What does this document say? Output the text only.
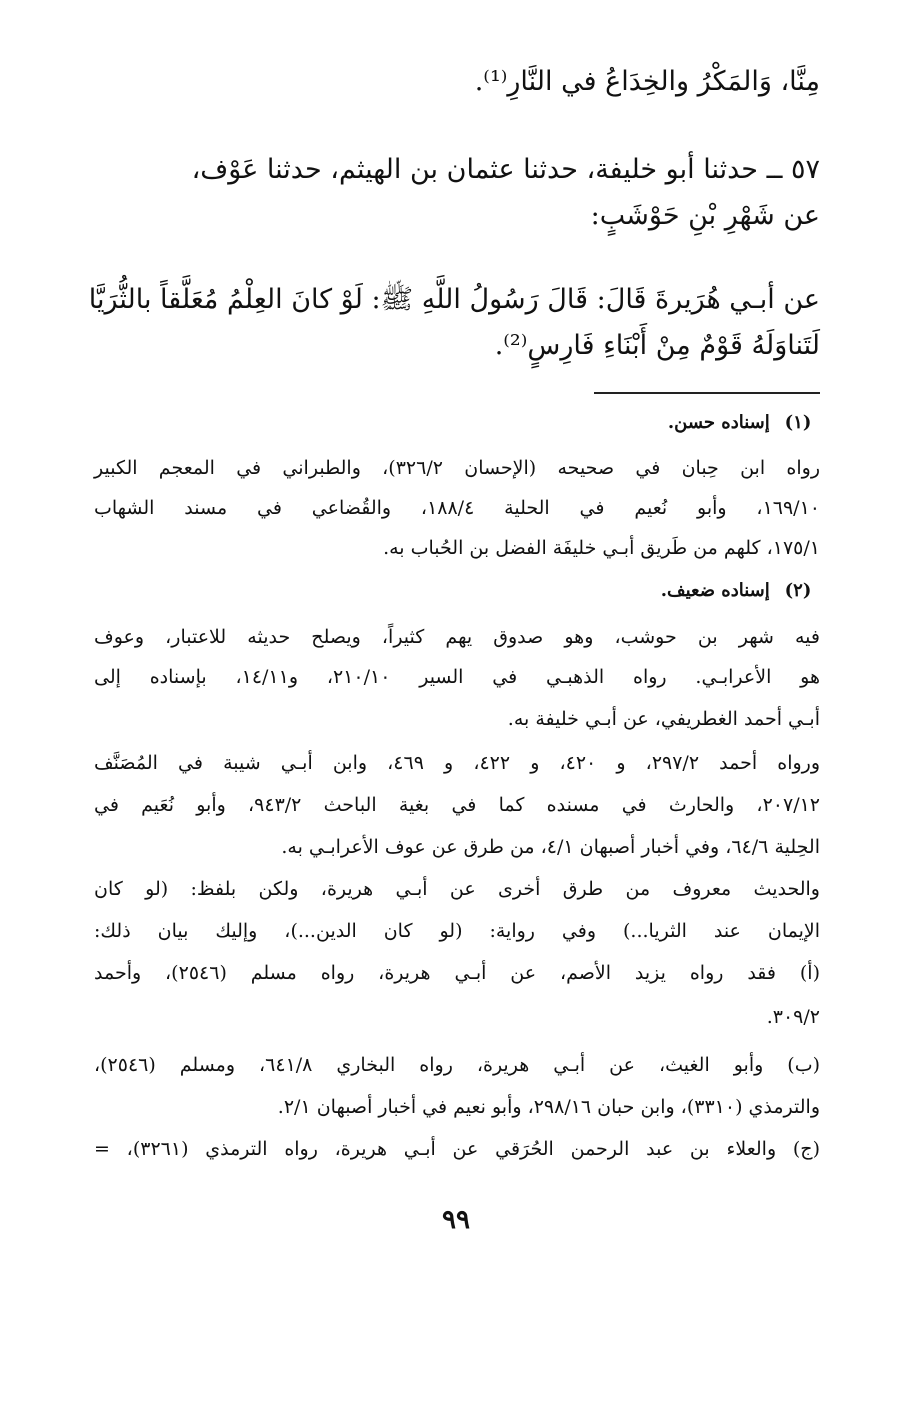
مِنَّا، وَالمَكْرُ والخِدَاعُ في النَّارِ⁽¹⁾.
٥٧ ــ حدثنا أبو خليفة، حدثنا عثمان بن الهيثم، حدثنا عَوْف،
عن شَهْرِ بْنِ حَوْشَبٍ:
عن أبـي هُرَيرةَ قَالَ: قَالَ رَسُولُ اللَّهِ ﷺ: لَوْ كانَ العِلْمُ مُعَلَّقاً بالثُّرَيَّا
لَتَناوَلَهُ قَوْمٌ مِنْ أَبْنَاءِ فَارِسٍ⁽²⁾.
(١) إسناده حسن.
رواه ابن حِبان في صحيحه (الإحسان ٣٢٦/٢)، والطبراني في المعجم الكبير
١٦٩/١٠، وأبو نُعيم في الحلية ١٨٨/٤، والقُضاعي في مسند الشهاب
١٧٥/١، كلهم من طَريق أبـي خليفَة الفضل بن الحُباب به.
(٢) إسناده ضعيف.
فيه شهر بن حوشب، وهو صدوق يهم كثيراً، ويصلح حديثه للاعتبار، وعوف
هو الأعرابـي. رواه الذهبـي في السير ٢١٠/١٠، و١٤/١١، بإسناده إلى
أبـي أحمد الغطريفي، عن أبـي خليفة به.
ورواه أحمد ٢٩٧/٢، و ٤٢٠، و ٤٢٢، و ٤٦٩، وابن أبـي شيبة في المُصَنَّف
٢٠٧/١٢، والحارث في مسنده كما في بغية الباحث ٩٤٣/٢، وأبو نُعَيم في
الحِلية ٦٤/٦، وفي أخبار أصبهان ٤/١، من طرق عن عوف الأعرابـي به.
والحديث معروف من طرق أخرى عن أبـي هريرة، ولكن بلفظ: (لو كان
الإيمان عند الثريا...) وفي رواية: (لو كان الدين...)، وإليك بيان ذلك:
(أ) فقد رواه يزيد الأصم، عن أبـي هريرة، رواه مسلم (٢٥٤٦)، وأحمد
٣٠٩/٢.
(ب) وأبو الغيث، عن أبـي هريرة، رواه البخاري ٦٤١/٨، ومسلم (٢٥٤٦)،
والترمذي (٣٣١٠)، وابن حبان ٢٩٨/١٦، وأبو نعيم في أخبار أصبهان ٢/١.
(ج) والعلاء بن عبد الرحمن الحُرَقي عن أبـي هريرة، رواه الترمذي (٣٢٦١)، =
٩٩
